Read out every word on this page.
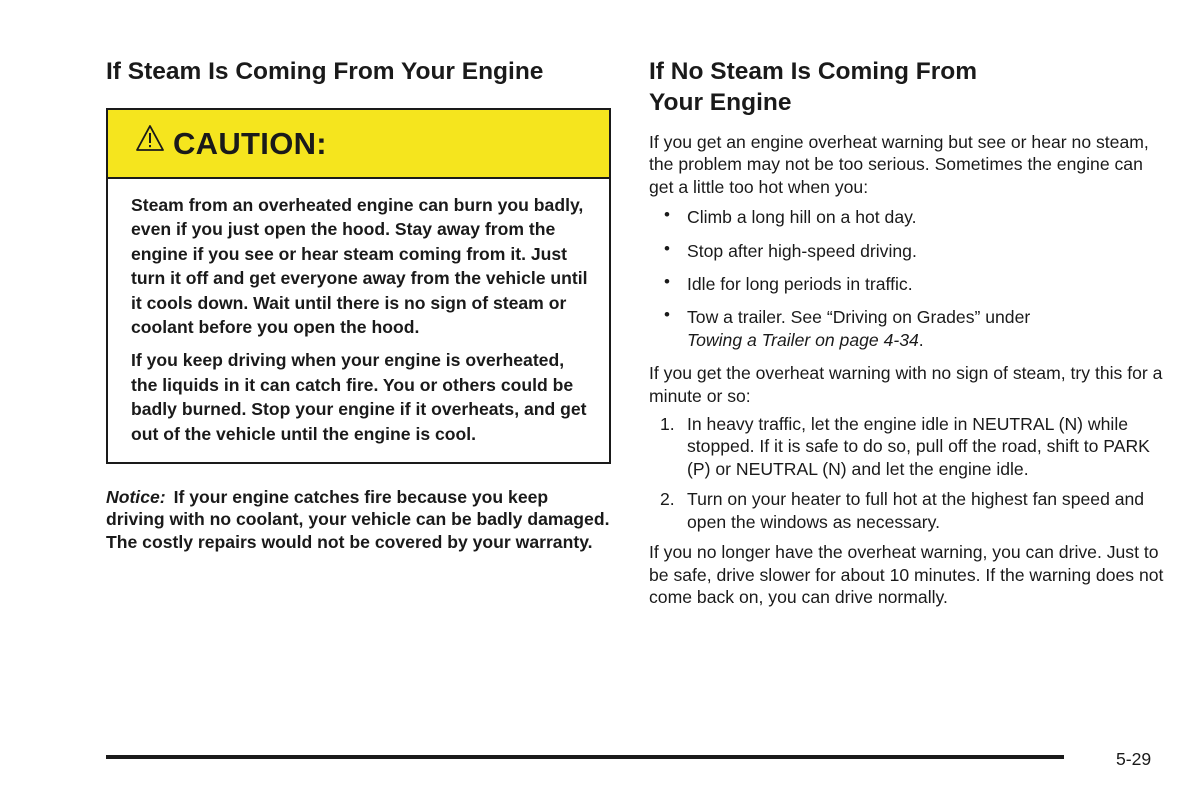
If Steam Is Coming From Your Engine
CAUTION:

Steam from an overheated engine can burn you badly, even if you just open the hood. Stay away from the engine if you see or hear steam coming from it. Just turn it off and get everyone away from the vehicle until it cools down. Wait until there is no sign of steam or coolant before you open the hood.

If you keep driving when your engine is overheated, the liquids in it can catch fire. You or others could be badly burned. Stop your engine if it overheats, and get out of the vehicle until the engine is cool.

Notice: If your engine catches fire because you keep driving with no coolant, your vehicle can be badly damaged. The costly repairs would not be covered by your warranty.
If No Steam Is Coming From
Your Engine

If you get an engine overheat warning but see or hear no steam, the problem may not be too serious. Sometimes the engine can get a little too hot when you:

• Climb a long hill on a hot day.
• Stop after high-speed driving.
• Idle for long periods in traffic.
• Tow a trailer. See “Driving on Grades” under
Towing a Trailer on page 4-34.

If you get the overheat warning with no sign of steam, try this for a minute or so:

1. In heavy traffic, let the engine idle in NEUTRAL (N) while stopped. If it is safe to do so, pull off the road, shift to PARK (P) or NEUTRAL (N) and let the engine idle.
2. Turn on your heater to full hot at the highest fan speed and open the windows as necessary.

If you no longer have the overheat warning, you can drive. Just to be safe, drive slower for about 10 minutes. If the warning does not come back on, you can drive normally.

5-29
